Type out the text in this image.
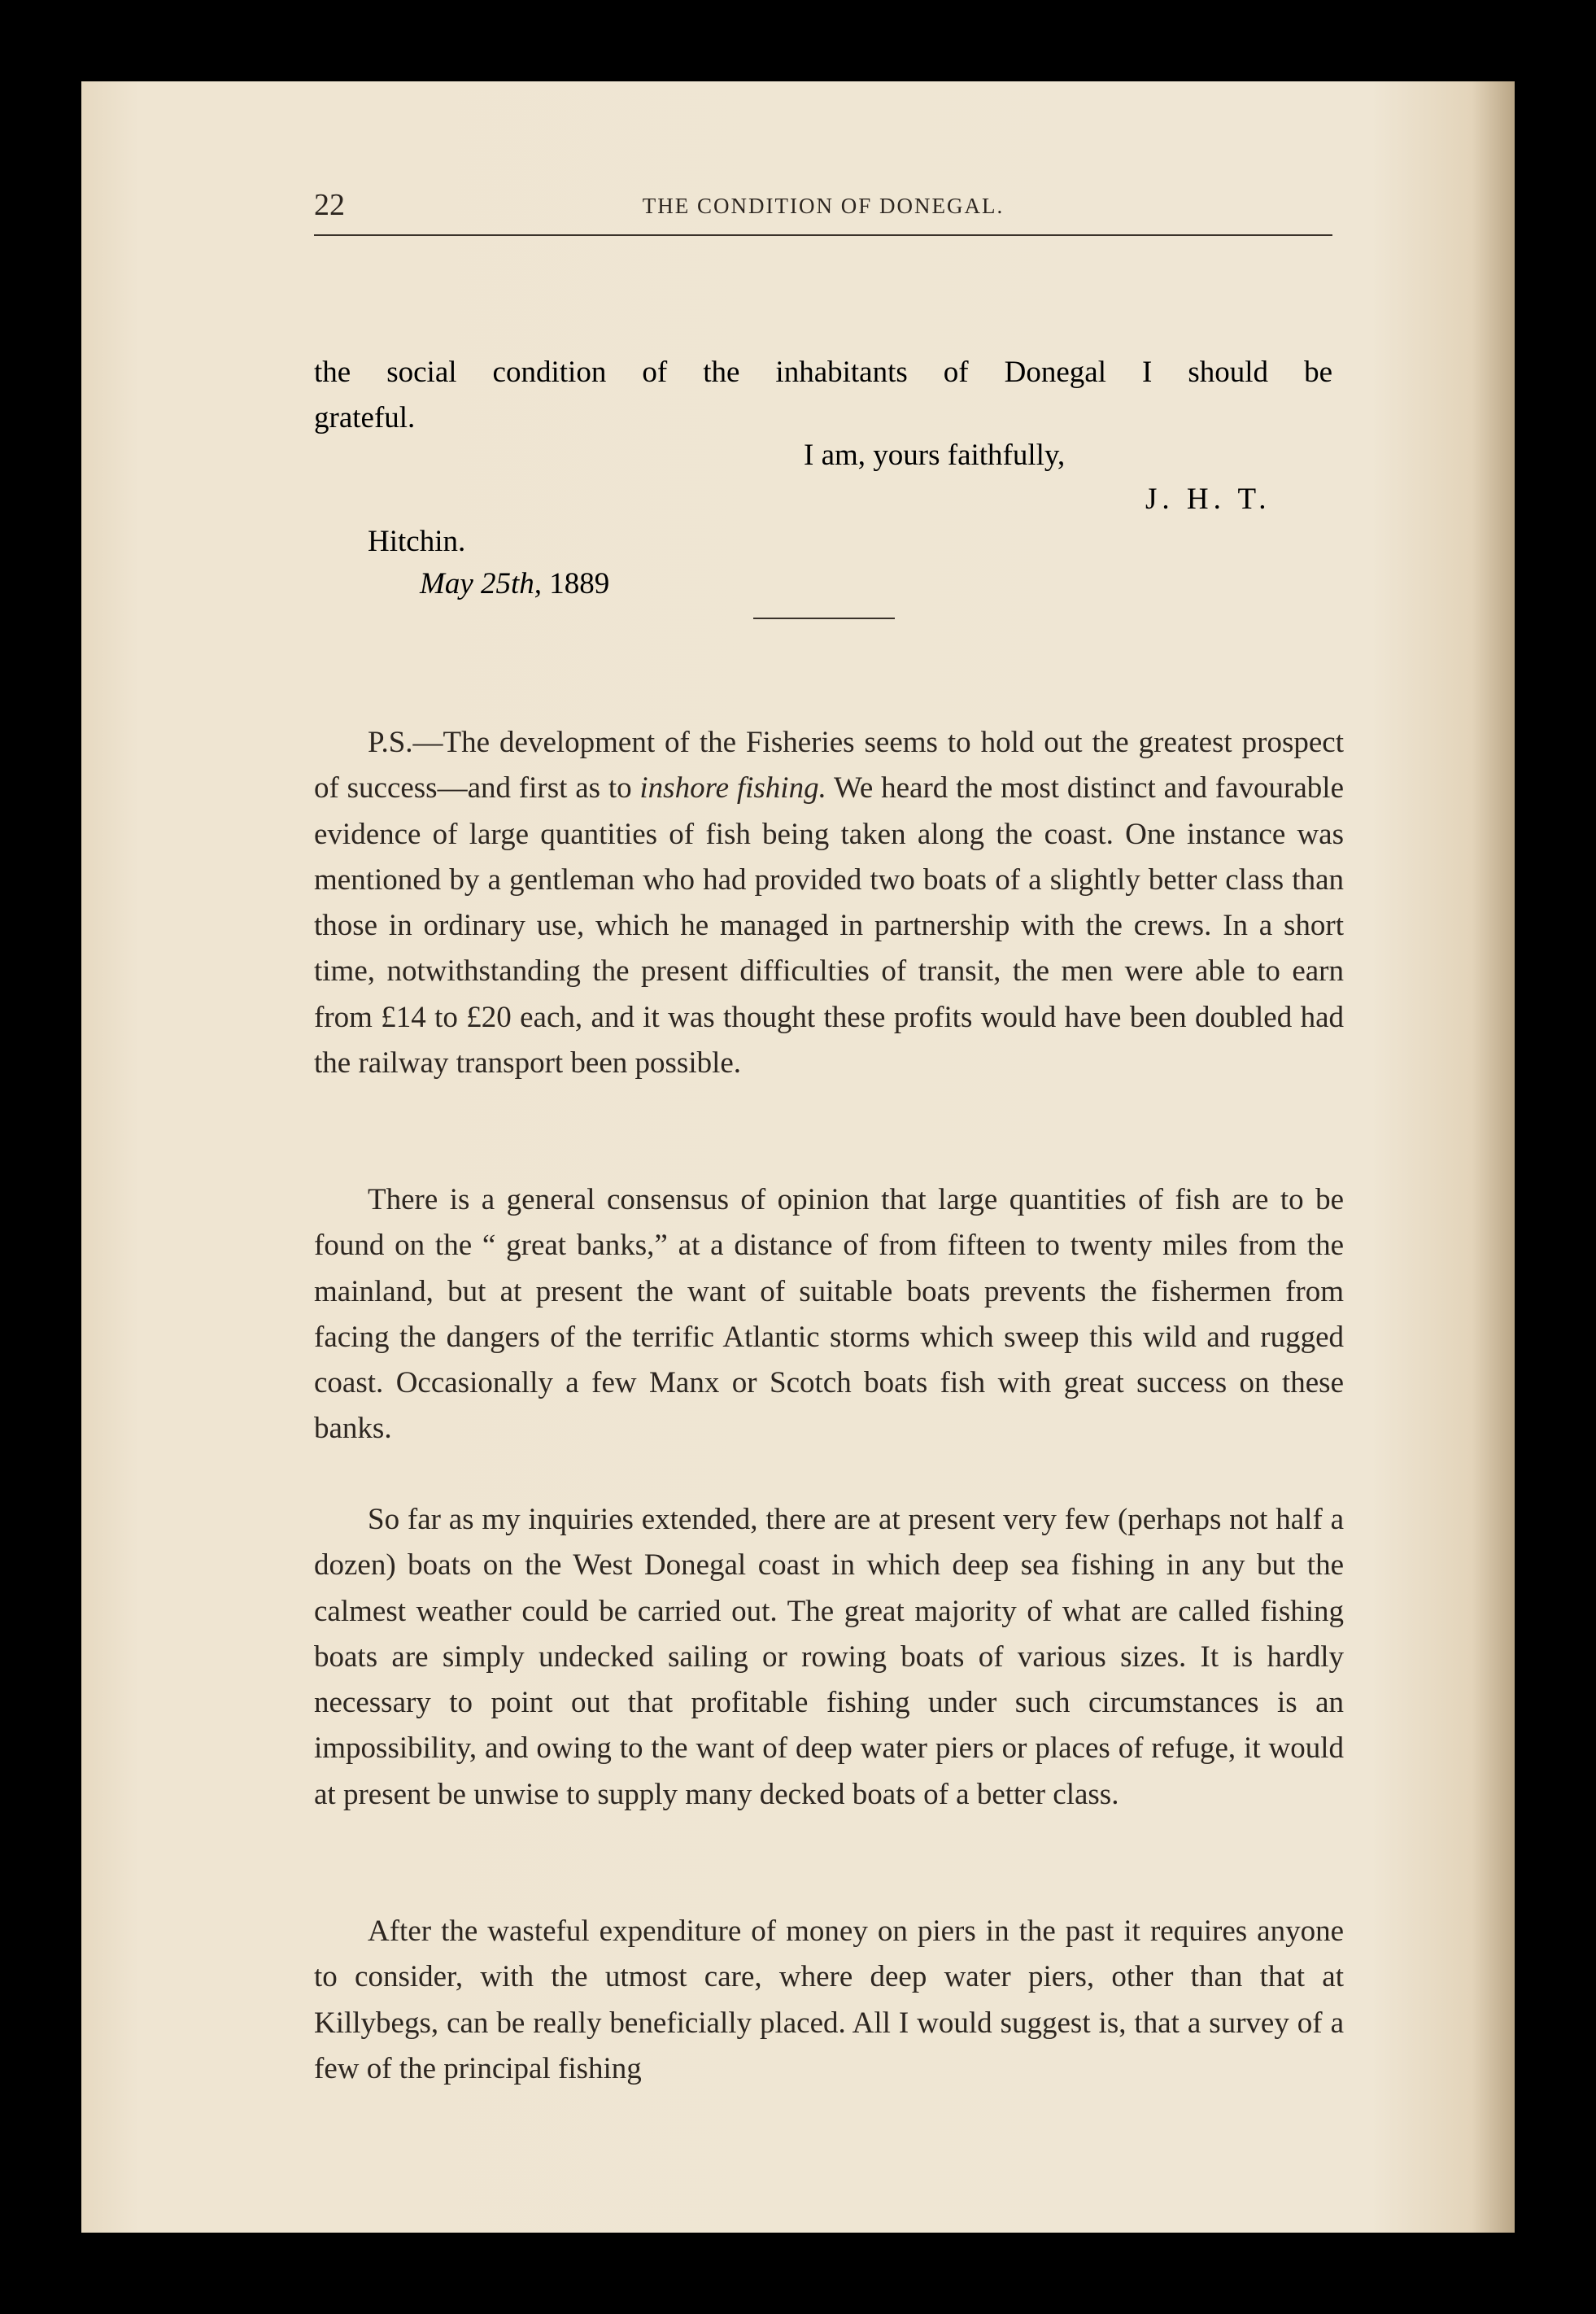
22	THE CONDITION OF DONEGAL.
the social condition of the inhabitants of Donegal I should be
grateful.
I am, yours faithfully,
J. H. T.
Hitchin.
May 25th, 1889

P.S.—The development of the Fisheries seems to hold out the greatest prospect of success—and first as to inshore fishing. We heard the most distinct and favourable evidence of large quantities of fish being taken along the coast. One instance was mentioned by a gentleman who had provided two boats of a slightly better class than those in ordinary use, which he managed in partnership with the crews. In a short time, notwithstanding the present difficulties of transit, the men were able to earn from £14 to £20 each, and it was thought these profits would have been doubled had the railway transport been possible.

There is a general consensus of opinion that large quantities of fish are to be found on the “ great banks,” at a distance of from fifteen to twenty miles from the mainland, but at present the want of suitable boats prevents the fishermen from facing the dangers of the terrific Atlantic storms which sweep this wild and rugged coast. Occasionally a few Manx or Scotch boats fish with great success on these banks.

So far as my inquiries extended, there are at present very few (perhaps not half a dozen) boats on the West Donegal coast in which deep sea fishing in any but the calmest weather could be carried out. The great majority of what are called fishing boats are simply undecked sailing or rowing boats of various sizes. It is hardly necessary to point out that profitable fishing under such circumstances is an impossibility, and owing to the want of deep water piers or places of refuge, it would at present be unwise to supply many decked boats of a better class.

After the wasteful expenditure of money on piers in the past it requires anyone to consider, with the utmost care, where deep water piers, other than that at Killybegs, can be really beneficially placed. All I would suggest is, that a survey of a few of the principal fishing
